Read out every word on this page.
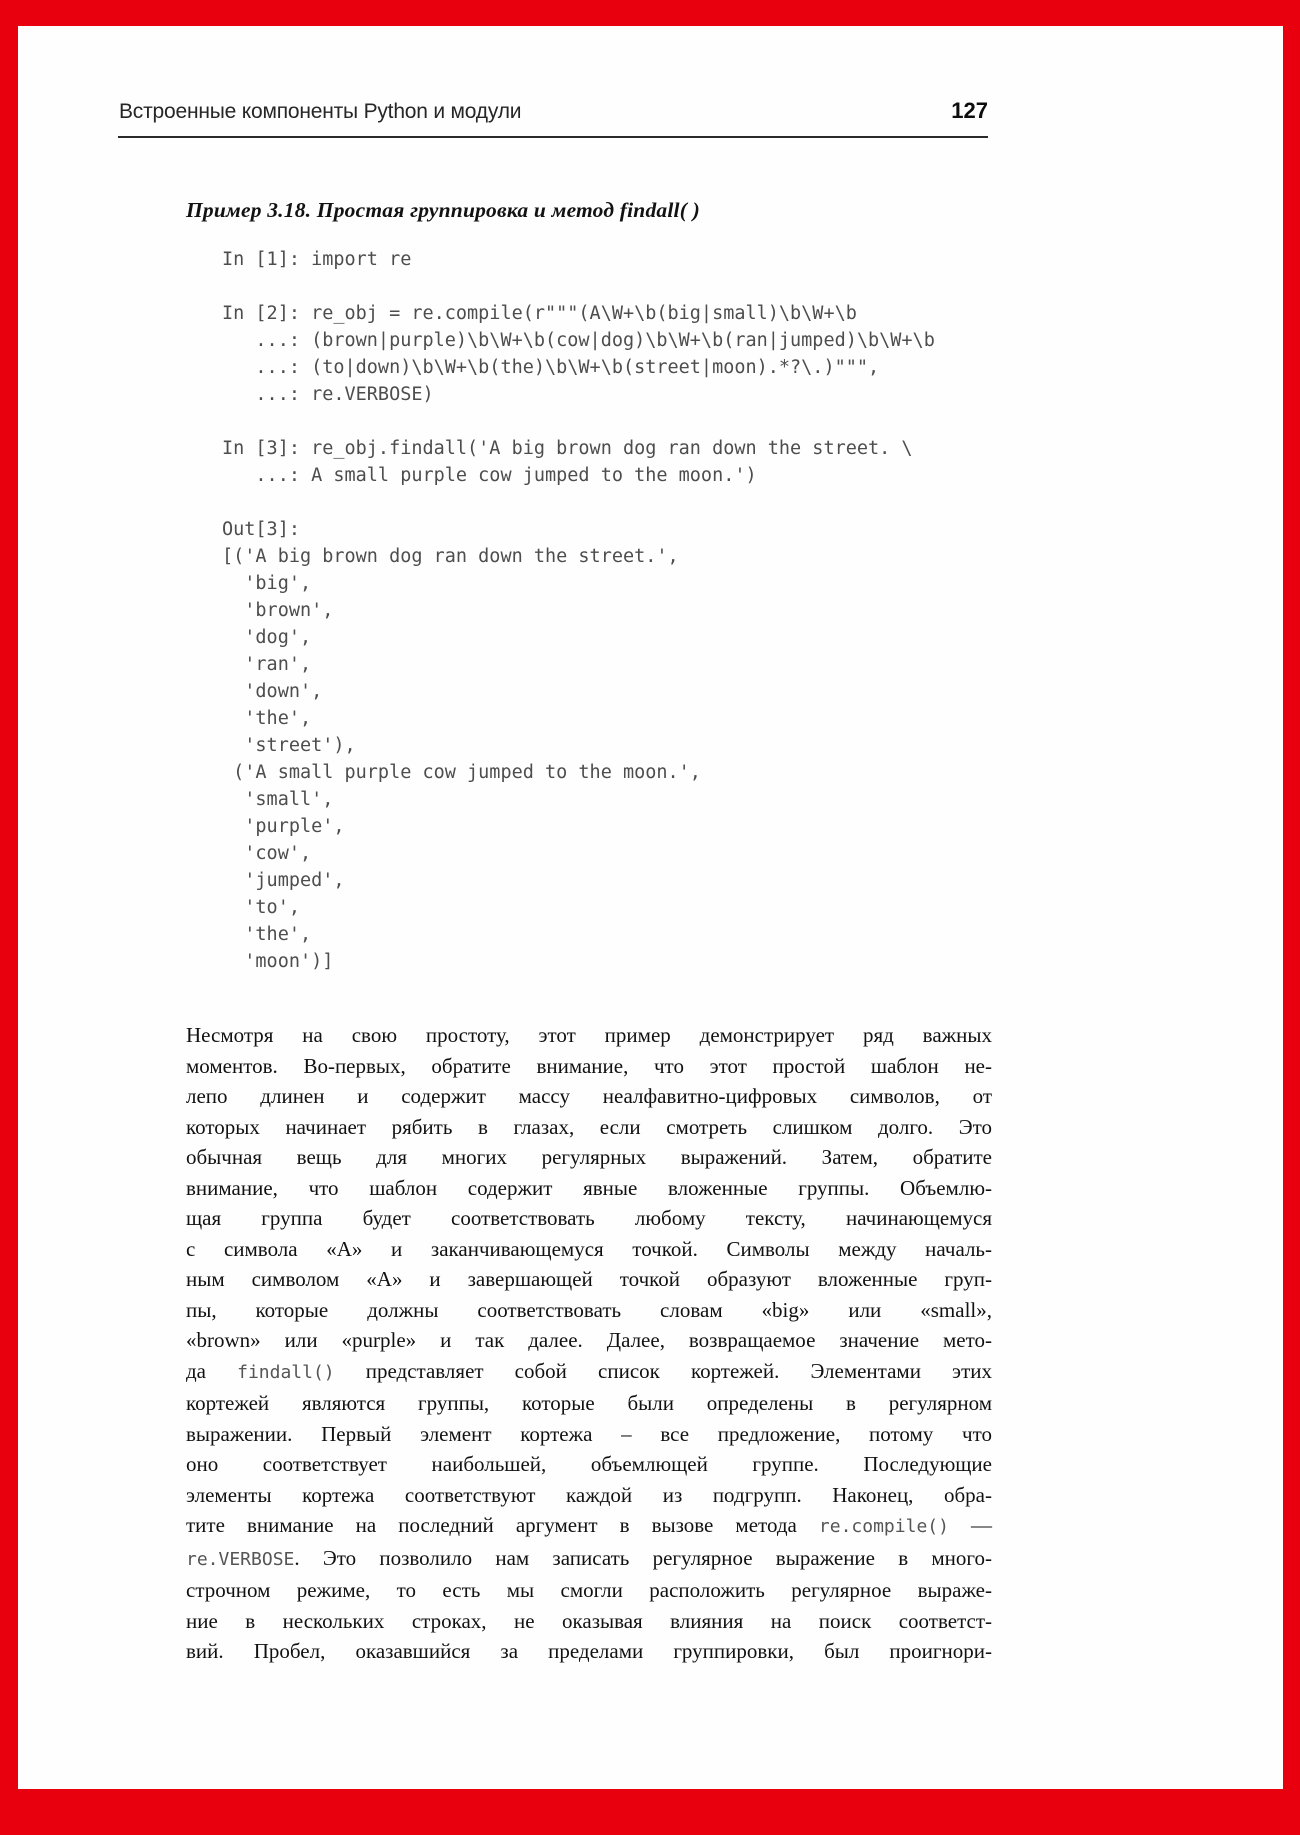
Встроенные компоненты Python и модули	127
Пример 3.18. Простая группировка и метод findall( )
In [1]: import re

In [2]: re_obj = re.compile(r"""(A\W+\b(big|small)\b\W+\b
...: (brown|purple)\b\W+\b(cow|dog)\b\W+\b(ran|jumped)\b\W+\b
...: (to|down)\b\W+\b(the)\b\W+\b(street|moon).*?\.)""",
...: re.VERBOSE)

In [3]: re_obj.findall('A big brown dog ran down the street. \
...: A small purple cow jumped to the moon.')

Out[3]:
[('A big brown dog ran down the street.',
'big',
'brown',
'dog',
'ran',
'down',
'the',
'street'),
('A small purple cow jumped to the moon.',
'small',
'purple',
'cow',
'jumped',
'to',
'the',
'moon')]
Несмотря на свою простоту, этот пример демонстрирует ряд важных
моментов. Во-первых, обратите внимание, что этот простой шаблон не-
лепо длинен и содержит массу неалфавитно-цифровых символов, от
которых начинает рябить в глазах, если смотреть слишком долго. Это
обычная вещь для многих регулярных выражений. Затем, обратите
внимание, что шаблон содержит явные вложенные группы. Объемлю-
щая группа будет соответствовать любому тексту, начинающемуся
с символа «А» и заканчивающемуся точкой. Символы между началь-
ным символом «А» и завершающей точкой образуют вложенные груп-
пы, которые должны соответствовать словам «big» или «small»,
«brown» или «purple» и так далее. Далее, возвращаемое значение мето-
да findall() представляет собой список кортежей. Элементами этих
кортежей являются группы, которые были определены в регулярном
выражении. Первый элемент кортежа – все предложение, потому что
оно соответствует наибольшей, объемлющей группе. Последующие
элементы кортежа соответствуют каждой из подгрупп. Наконец, обра-
тите внимание на последний аргумент в вызове метода re.compile() —
re.VERBOSE. Это позволило нам записать регулярное выражение в много-
строчном режиме, то есть мы смогли расположить регулярное выраже-
ние в нескольких строках, не оказывая влияния на поиск соответст-
вий. Пробел, оказавшийся за пределами группировки, был проигнори-
